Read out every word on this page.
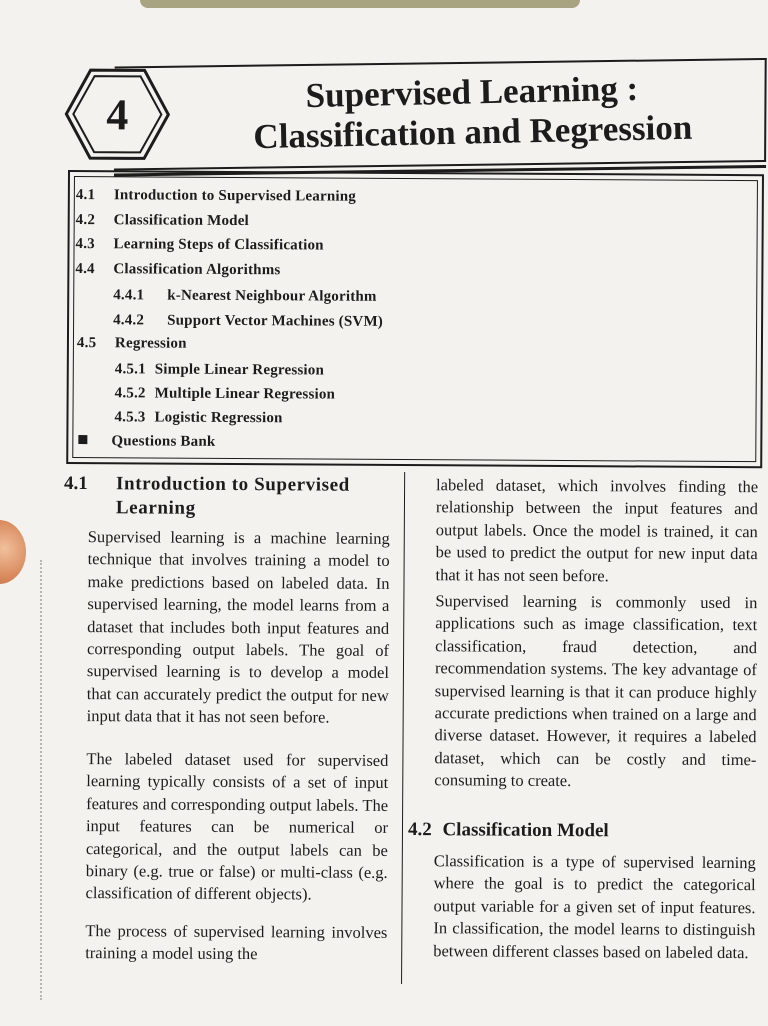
4	Supervised Learning :
Classification and Regression
4.1 Introduction to Supervised Learning
4.2 Classification Model
4.3 Learning Steps of Classification
4.4 Classification Algorithms
4.4.1 k-Nearest Neighbour Algorithm
4.4.2 Support Vector Machines (SVM)
4.5 Regression
4.5.1 Simple Linear Regression
4.5.2 Multiple Linear Regression
4.5.3 Logistic Regression
Questions Bank
4.1 Introduction to Supervised
Learning
Supervised learning is a machine learning technique that involves training a model to make predictions based on labeled data. In supervised learning, the model learns from a dataset that includes both input features and corresponding output labels. The goal of supervised learning is to develop a model that can accurately predict the output for new input data that it has not seen before.
The labeled dataset used for supervised learning typically consists of a set of input features and corresponding output labels. The input features can be numerical or categorical, and the output labels can be binary (e.g. true or false) or multi-class (e.g. classification of different objects).
The process of supervised learning involves training a model using the
labeled dataset, which involves finding the relationship between the input features and output labels. Once the model is trained, it can be used to predict the output for new input data that it has not seen before.
Supervised learning is commonly used in applications such as image classification, text classification, fraud detection, and recommendation systems. The key advantage of supervised learning is that it can produce highly accurate predictions when trained on a large and diverse dataset. However, it requires a labeled dataset, which can be costly and time-consuming to create.
4.2 Classification Model
Classification is a type of supervised learning where the goal is to predict the categorical output variable for a given set of input features. In classification, the model learns to distinguish between different classes based on labeled data.
